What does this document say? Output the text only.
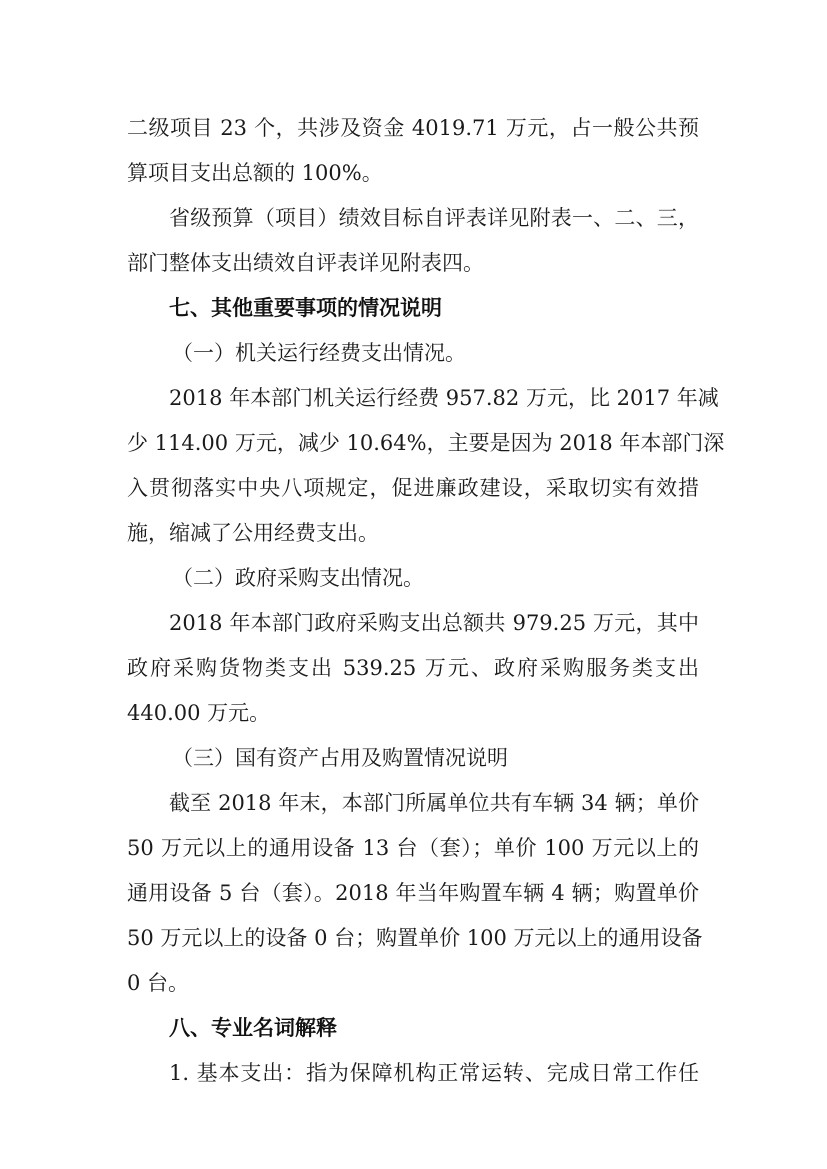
二级项目 23 个，共涉及资金 4019.71 万元，占一般公共预
算项目支出总额的 100%。
省级预算（项目）绩效目标自评表详见附表一、二、三，
部门整体支出绩效自评表详见附表四。
七、其他重要事项的情况说明
（一）机关运行经费支出情况。
2018 年本部门机关运行经费 957.82 万元，比 2017 年减
少 114.00 万元，减少 10.64%，主要是因为 2018 年本部门深
入贯彻落实中央八项规定，促进廉政建设，采取切实有效措
施，缩减了公用经费支出。
（二）政府采购支出情况。
2018 年本部门政府采购支出总额共 979.25 万元，其中
政府采购货物类支出 539.25 万元、政府采购服务类支出
440.00 万元。
（三）国有资产占用及购置情况说明
截至 2018 年末，本部门所属单位共有车辆 34 辆；单价
50 万元以上的通用设备 13 台（套）；单价 100 万元以上的
通用设备 5 台（套）。2018 年当年购置车辆 4 辆；购置单价
50 万元以上的设备 0 台；购置单价 100 万元以上的通用设备
0 台。
八、专业名词解释
1. 基本支出：指为保障机构正常运转、完成日常工作任
